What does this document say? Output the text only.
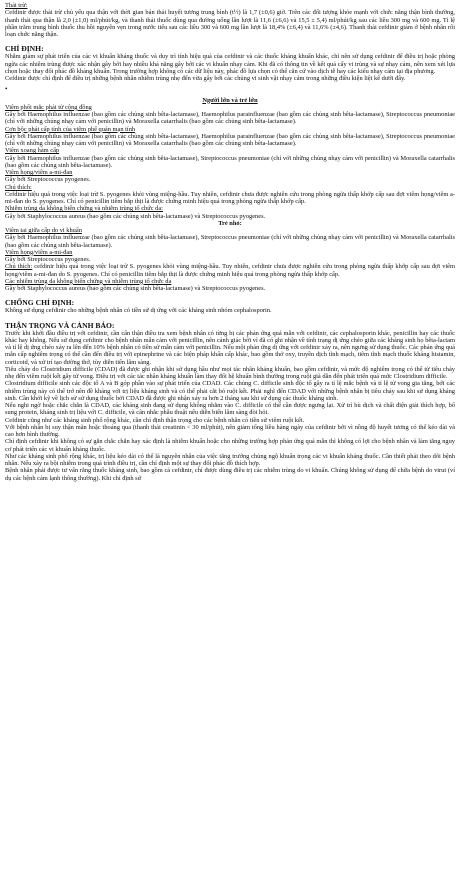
Thải trừ:

Cefdinir được thải trừ chủ yếu qua thận với thời gian bán thải huyết tương trung bình (t½) là 1,7 (±0,6) giờ. Trên các đối tượng khỏe mạnh với chức năng thận bình thường, thanh thải qua thận là 2,0 (±1,0) ml/phút/kg, và thanh thải thuốc dùng qua đường uống lần lượt là 11,6 (±6,6) và 15,5 ± 5,4) ml/phút/kg sau các liều 300 mg và 600 mg. Tỉ lệ phần trăm trung bình thuốc thu hồi nguyên vẹn trong nước tiểu sau các liều 300 và 600 mg lần lượt là 18,4% (±6,4) và 11,6% (±4,6). Thanh thải cefdinir giảm ở bệnh nhân rối loạn chức năng thận.

CHỈ ĐỊNH:

Nhằm giảm sự phát triển của các vi khuẩn kháng thuốc và duy trì tính hiệu quả của cefdinir và các thuốc kháng khuẩn khác, chỉ nên sử dụng cefdinir để điều trị hoặc phòng ngừa các nhiễm trùng được xác nhận gây bởi hay nhiều khả năng gây bởi các vi khuẩn nhạy cảm. Khi đã có thông tin về kết quả cấy vi trùng và sự nhạy cảm, nên xem xét lựa chọn hoặc thay đổi phác đồ kháng khuẩn. Trong trường hợp không có các dữ liệu này, phác đồ lựa chọn có thể căn cứ vào dịch tễ hay các kiểu nhạy cảm tại địa phương.

Cefdinir được chỉ định để điều trị những bệnh nhân nhiễm trùng nhẹ đến vừa gây bởi các chủng vi sinh vật nhạy cảm trong những điều kiện liệt kê dưới đây.

•

Người lớn và trẻ lớn

Viêm phổi mắc phải từ cộng đồng

Gây bởi Haemophilus influenzae (bao gồm các chủng sinh bêta-lactamase), Haemophilus parainfluenzae (bao gồm các chủng sinh bêta-lactamase), Streptococcus pneumoniae (chỉ với những chủng nhạy cảm với penicillin) và Moraxella catarrhalis (bao gồm các chủng sinh bêta-lactamase).

Cơn bộc phát cấp tính của viêm phế quản mạn tính

Gây bởi Haemophilus influenzae (bao gồm các chủng sinh bêta-lactamase), Haemophilus parainfluenzae (bao gồm các chủng sinh bêta-lactamase), Streptococcus pneumoniae (chỉ với những chủng nhạy cảm với penicillin) và Moraxella catarrhalis (bao gồm các chủng sinh bêta-lactamase).

Viêm xoang hàm cấp

Gây bởi Haemophilus influenzae (bao gồm các chủng sinh bêta-lactamase), Streptococcus pneumoniae (chỉ với những chủng nhạy cảm với penicillin) và Moraxella catarrhalis (bao gồm các chủng sinh bêta-lactamase).

Viêm họng/viêm a-mi-đan

Gây bởi Streptococcus pyogenes.

Chú thích:

Cefdinir hiệu quả trong việc loại trừ S. pyogenes khỏi vùng miệng-hầu. Tuy nhiên, cefdinir chưa được nghiên cứu trong phòng ngừa thấp khớp cấp sau đợt viêm họng/viêm a-mi-đan do S. pyogenes. Chỉ có penicillin tiêm bắp thịt là được chứng minh hiệu quả trong phòng ngừa thấp khớp cấp.

Nhiễm trùng da không biến chứng và nhiễm trùng tổ chức da:

Gây bởi Staphylococcus aureus (bao gồm các chủng sinh bêta-lactamase) và Streptococcus pyogenes.

Trẻ nhỏ:

Viêm tai giữa cấp do vi khuẩn

Gây bởi Haemophilus influenzae (bao gồm các chủng sinh bêta-lactamase), Streptococcus pneumoniae (chỉ với những chủng nhạy cảm với penicillin) và Moraxella catarrhalis (bao gồm các chủng sinh bêta-lactamase).

Viêm họng/viêm a-mi-đan

Gây bởi Streptococcus pyogenes.

Chú thích: cefdinir hiệu quả trong việc loại trừ S. pyogenes khỏi vùng miệng-hầu. Tuy nhiên, cefdinir chưa được nghiên cứu trong phòng ngừa thấp khớp cấp sau đợt viêm họng/viêm a-mi-đan do S. pyogenes. Chỉ có penicillin tiêm bắp thịt là được chứng minh hiệu quả trong phòng ngừa thấp khớp cấp.

Các nhiễm trùng da không biến chứng và nhiễm trùng tổ chức da

Gây bởi Staphylococcus aureus (bao gồm các chủng sinh bêta-lactamase) và Streptococcus pyogenes.

CHỐNG CHỈ ĐỊNH:

Không sử dụng cefdinir cho những bệnh nhân có tiền sử dị ứng với các kháng sinh nhóm cephalosporin.

THẬN TRỌNG VÀ CẢNH BÁO:

Trước khi khởi đầu điều trị với cefdinir, cần cẩn thận điều tra xem bệnh nhân có từng bị các phản ứng quá mẫn với cefdinir, các cephalosporin khác, penicillin hay các thuốc khác hay không. Nếu sử dụng cefdinir cho bệnh nhân mẫn cảm với penicillin, nên cảnh giác bởi vì đã có ghi nhận về tính trạng dị ứng chéo giữa các kháng sinh họ bêta-lactam và tỉ lệ dị ứng chéo xảy ra lên đến 10% bệnh nhân có tiền sử mẫn cảm với penicillin. Nếu một phản ứng dị ứng với cefdinir xảy ra, nên ngưng sử dụng thuốc. Các phản ứng quá mẫn cấp nghiêm trọng có thể cần đến điều trị với epinephrine và các biện pháp khẩn cấp khác, bao gồm thở oxy, truyền dịch tĩnh mạch, tiêm tĩnh mạch thuốc kháng histamin, corticoid, và xử trí tạo đường thở, tùy diễn tiến lâm sàng.

Tiêu chảy do Clostridium difficile (CDAD) đã được ghi nhận khi sử dụng hầu như mọi tác nhân kháng khuẩn, bao gồm cefdinir, và mức độ nghiêm trọng có thể từ tiêu chảy nhẹ đến viêm ruột kết gây tử vong. Điều trị với các tác nhân kháng khuẩn làm thay đổi hệ khuẩn bình thường trong ruột già dẫn đến phát triển quá mức Clostridium difficile.

Clostridium difficile sinh các độc tố A và B góp phần vào sự phát triển của CDAD. Các chủng C. difficile sinh độc tố gây ra tỉ lệ mắc bệnh và tỉ lệ tử vong gia tăng, bởi các nhiễm trùng này có thể trở nên đề kháng với trị liệu kháng sinh và có thể phải cắt bỏ ruột kết. Phải nghĩ đến CDAD với những bệnh nhân bị tiêu chảy sau khi sử dụng kháng sinh. Cần khởi kỹ về lịch sử sử dụng thuốc bởi CDAD đã được ghi nhận xảy ra hơn 2 tháng sau khi sử dụng các thuốc kháng sinh.

Nếu nghi ngờ hoặc chắc chắn là CDAD, các kháng sinh đang sử dụng không nhằm vào C. difficile có thể cần được ngưng lại. Xử trí bù dịch và chất điện giải thích hợp, bổ sung protein, kháng sinh trị liệu với C. difficile, và cân nhắc phẫu thuật nếu diễn biến lâm sàng đòi hỏi.

Cefdinir cũng như các kháng sinh phổ rộng khác, cần chỉ định thận trọng cho các bệnh nhân có tiền sử viêm ruột kết.

Với bệnh nhân bị suy thận mãn hoặc thoáng qua (thanh thải creatinin < 30 ml/phút), nên giảm tổng liều hàng ngày của cefdinir bởi vì nồng độ huyết tương có thể kéo dài và cao hơn bình thường.

Chỉ định cefdinir khi không có sự gắn chắc chắn hay xác định là nhiễm khuẩn hoặc cho những trường hợp phản ứng quá mẫn thì không có lợi cho bệnh nhân và làm tăng nguy cơ phát triển các vi khuẩn kháng thuốc.

Như các kháng sinh phổ rộng khác, trị liệu kéo dài có thể là nguyên nhân của việc tăng trưởng chủng ngộ khuẩn trọng các vi khuẩn kháng thuốc. Cần thiết phải theo dõi bệnh nhân. Nếu xảy ra bội nhiễm trong quá trình điều trị, cần chỉ định một sự thay đổi phác đồ thích hợp.

Bệnh nhân phải được tư vấn rằng thuốc kháng sinh, bao gồm cả cefdinir, chỉ được dùng điều trị các nhiễm trùng do vi khuẩn. Chúng không sử dụng để chữa bệnh do virut (ví dụ các bệnh cảm lạnh thông thường). Khi chỉ định sử
